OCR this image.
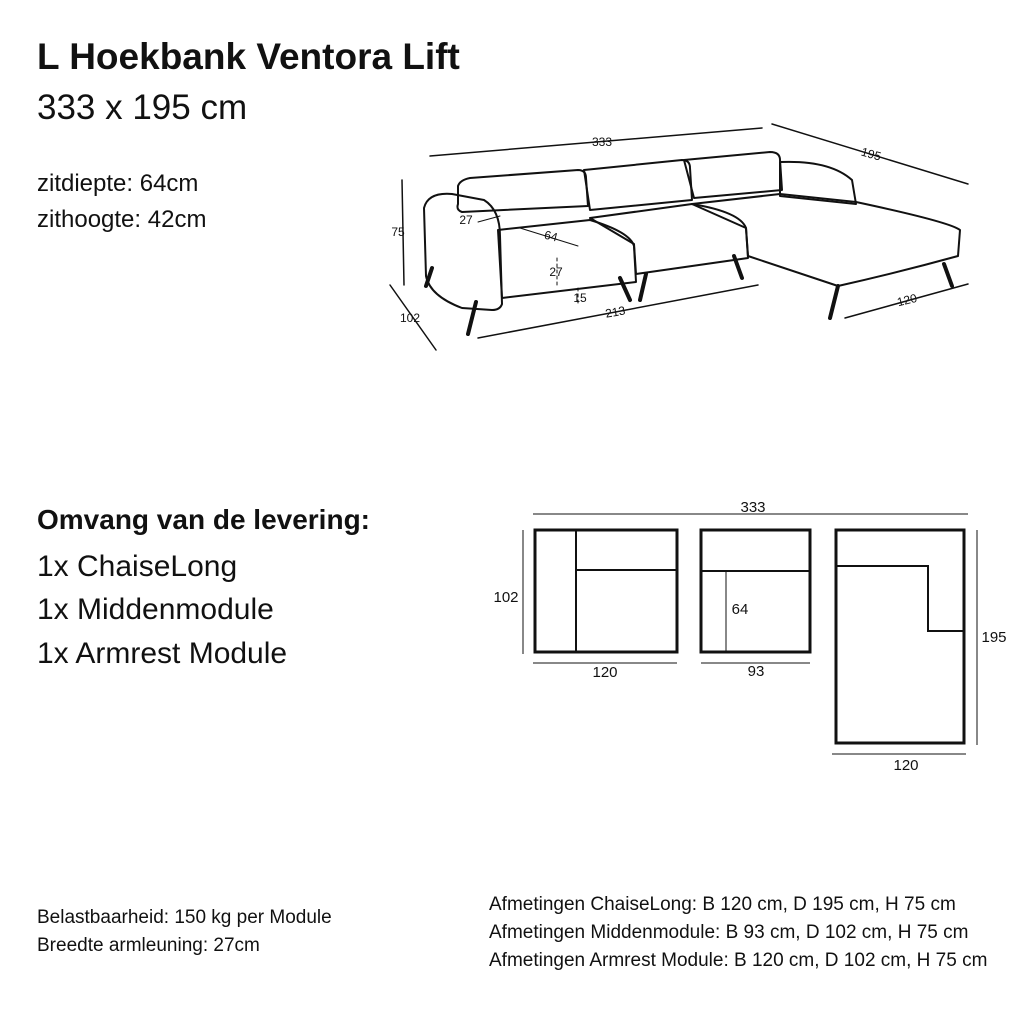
L Hoekbank Ventora Lift
333 x 195 cm
zitdiepte: 64cm
zithoogte: 42cm
Omvang van de levering:
1x ChaiseLong
1x Middenmodule
1x Armrest Module
333
195
75
102	213
120
27
64
27
15
333
102
195
120	93
64
120
Belastbaarheid: 150 kg per Module
Breedte armleuning: 27cm
Afmetingen ChaiseLong: B 120 cm, D 195 cm, H 75 cm
Afmetingen Middenmodule: B 93 cm, D 102 cm, H 75 cm
Afmetingen Armrest Module: B 120 cm, D 102 cm, H 75 cm
